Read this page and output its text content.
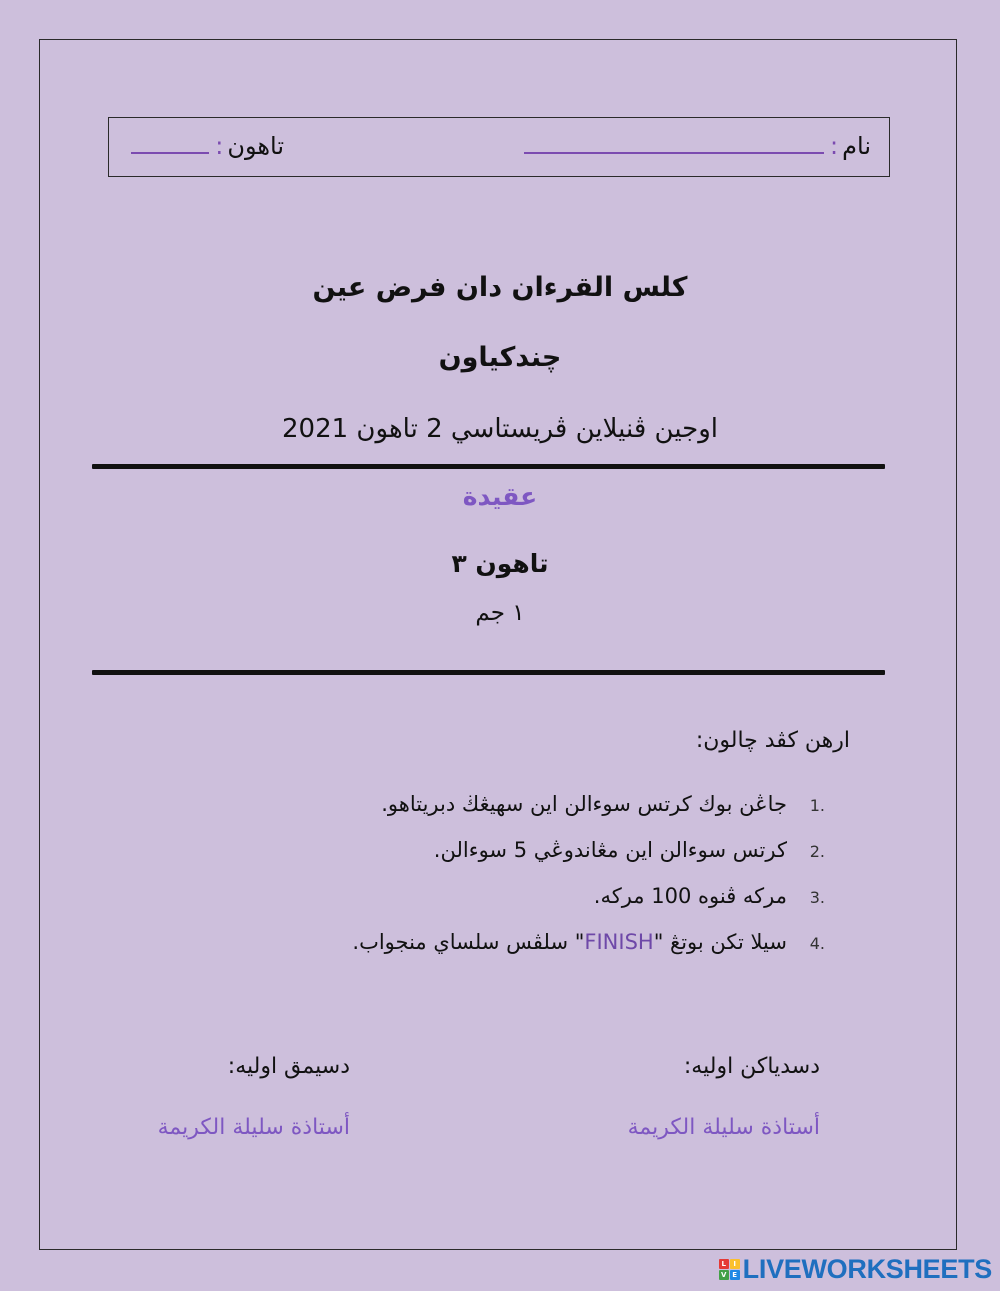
نام
:
تاهون
:
كلس القرءان دان فرض عين
چندكياون
اوجين ڤنيلاين ڤريستاسي 2 تاهون 2021
عقيدة
تاهون ٣
١ جم
ارهن كڤد چالون:
1 .
جاڠن بوك كرتس سوءالن اين سهيڠڬ دبريتاهو.
2 .
كرتس سوءالن اين مڠاندوڠي 5 سوءالن.
3 .
مركه ڤنوه 100 مركه.
4 .
سيلا تكن بوتڠ "FINISH" سلڤس سلساي منجواب.
دسدياكن اوليه:
أستاذة سليلة الكريمة
دسيمق اوليه:
أستاذة سليلة الكريمة
L	I
V E LIVEWORKSHEETS
